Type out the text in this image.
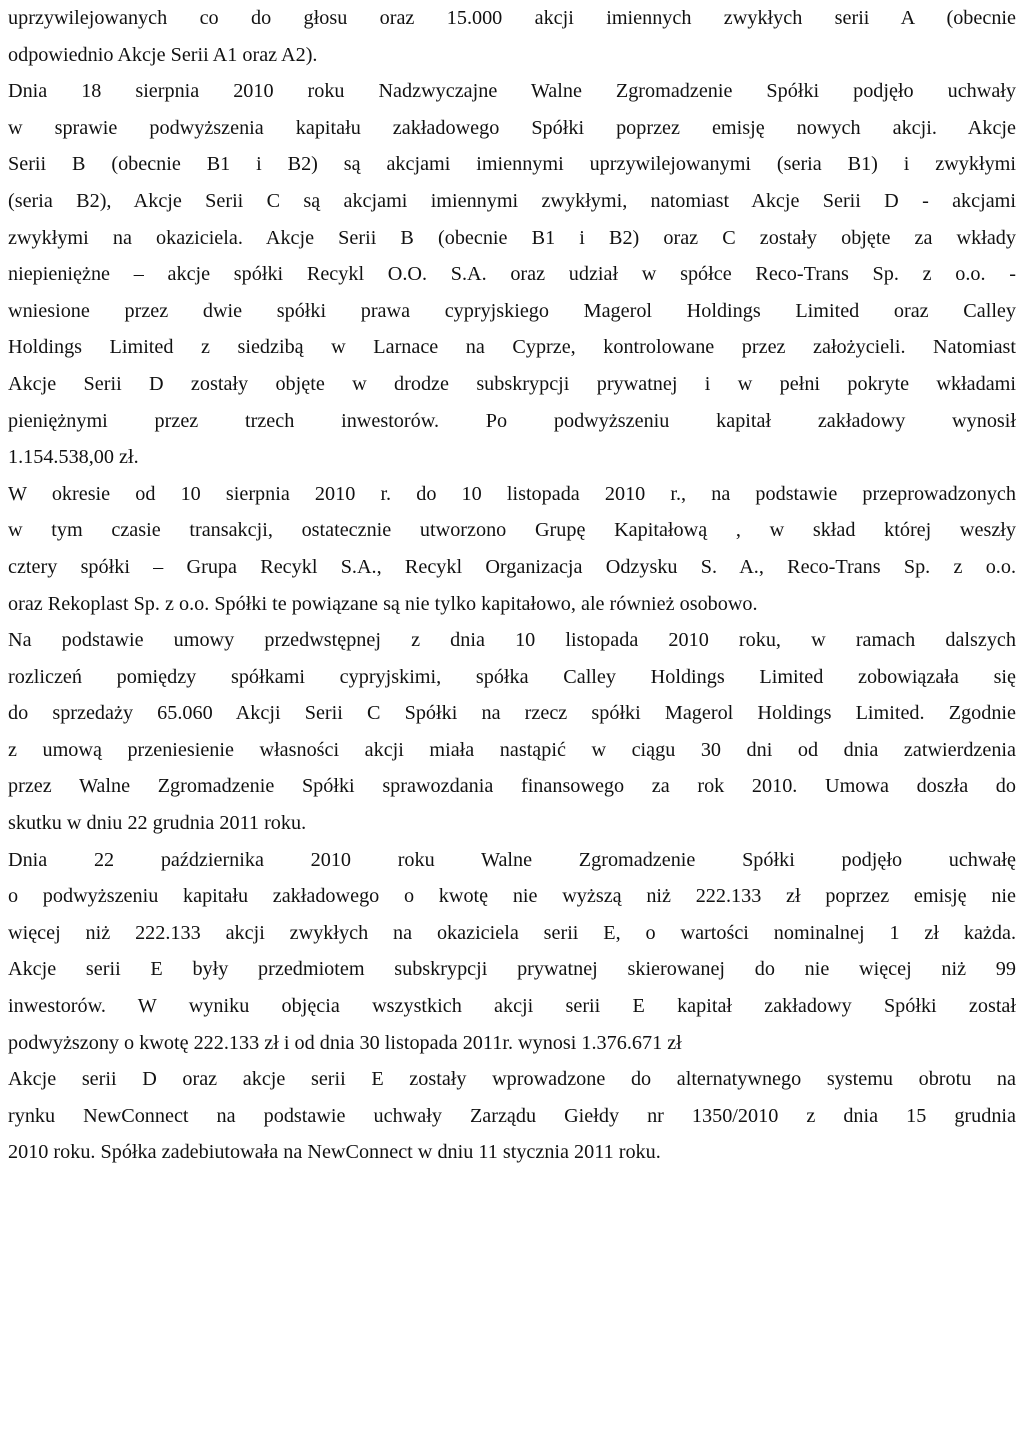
uprzywilejowanych co do głosu oraz 15.000 akcji imiennych zwykłych serii A (obecnie
odpowiednio Akcje Serii A1 oraz A2).

Dnia 18 sierpnia 2010 roku Nadzwyczajne Walne Zgromadzenie Spółki podjęło uchwały
w sprawie podwyższenia kapitału zakładowego Spółki poprzez emisję nowych akcji. Akcje
Serii B (obecnie B1 i B2) są akcjami imiennymi uprzywilejowanymi (seria B1) i zwykłymi
(seria B2), Akcje Serii C są akcjami imiennymi zwykłymi, natomiast Akcje Serii D - akcjami
zwykłymi na okaziciela. Akcje Serii B (obecnie B1 i B2) oraz C zostały objęte za wkłady
niepieniężne – akcje spółki Recykl O.O. S.A. oraz udział w spółce Reco-Trans Sp. z o.o. -
wniesione przez dwie spółki prawa cypryjskiego Magerol Holdings Limited oraz Calley
Holdings Limited z siedzibą w Larnace na Cyprze, kontrolowane przez założycieli. Natomiast
Akcje Serii D zostały objęte w drodze subskrypcji prywatnej i w pełni pokryte wkładami
pieniężnymi przez trzech inwestorów. Po podwyższeniu kapitał zakładowy wynosił
1.154.538,00 zł.

W okresie od 10 sierpnia 2010 r. do 10 listopada 2010 r., na podstawie przeprowadzonych
w tym czasie transakcji, ostatecznie utworzono Grupę Kapitałową , w skład której weszły
cztery spółki – Grupa Recykl S.A., Recykl Organizacja Odzysku S. A., Reco-Trans Sp. z o.o.
oraz Rekoplast Sp. z o.o. Spółki te powiązane są nie tylko kapitałowo, ale również osobowo.

Na podstawie umowy przedwstępnej z dnia 10 listopada 2010 roku, w ramach dalszych
rozliczeń pomiędzy spółkami cypryjskimi, spółka Calley Holdings Limited zobowiązała się
do sprzedaży 65.060 Akcji Serii C Spółki na rzecz spółki Magerol Holdings Limited. Zgodnie
z umową przeniesienie własności akcji miała nastąpić w ciągu 30 dni od dnia zatwierdzenia
przez Walne Zgromadzenie Spółki sprawozdania finansowego za rok 2010. Umowa doszła do
skutku w dniu 22 grudnia 2011 roku.

Dnia 22 października 2010 roku Walne Zgromadzenie Spółki podjęło uchwałę
o podwyższeniu kapitału zakładowego o kwotę nie wyższą niż 222.133 zł poprzez emisję nie
więcej niż 222.133 akcji zwykłych na okaziciela serii E, o wartości nominalnej 1 zł każda.
Akcje serii E były przedmiotem subskrypcji prywatnej skierowanej do nie więcej niż 99
inwestorów. W wyniku objęcia wszystkich akcji serii E kapitał zakładowy Spółki został
podwyższony o kwotę 222.133 zł i od dnia 30 listopada 2011r. wynosi 1.376.671 zł

Akcje serii D oraz akcje serii E zostały wprowadzone do alternatywnego systemu obrotu na
rynku NewConnect na podstawie uchwały Zarządu Giełdy nr 1350/2010 z dnia 15 grudnia
2010 roku. Spółka zadebiutowała na NewConnect w dniu 11 stycznia 2011 roku.
